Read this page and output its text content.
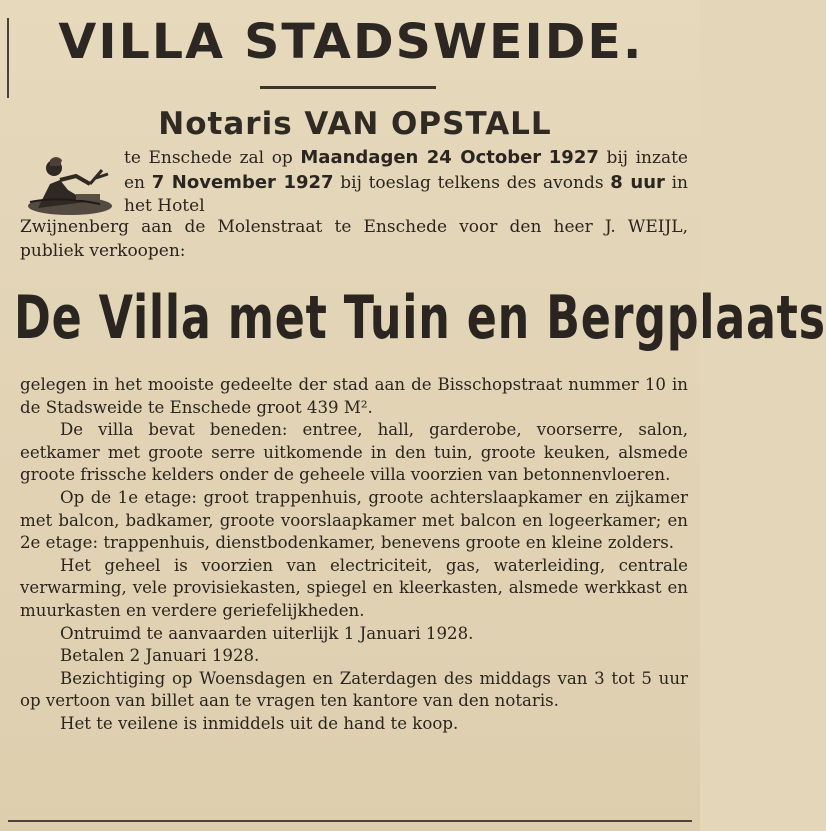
VILLA STADSWEIDE.
Notaris VAN OPSTALL
te Enschede zal op Maandagen 24 October 1927 bij inzate en 7 November 1927 bij toeslag telkens des avonds 8 uur in het Hotel
Zwijnenberg aan de Molenstraat te Enschede voor den heer J. WEIJL, publiek verkoopen:
De Villa met Tuin en Bergplaats

gelegen in het mooiste gedeelte der stad aan de Bisschopstraat nummer 10 in de Stadsweide te Enschede groot 439 M².

De villa bevat beneden: entree, hall, garderobe, voorserre, salon, eetkamer met groote serre uitkomende in den tuin, groote keuken, alsmede groote frissche kelders onder de geheele villa voorzien van betonnenvloeren.

Op de 1e etage: groot trappenhuis, groote achterslaapkamer en zijkamer met balcon, badkamer, groote voorslaapkamer met balcon en logeerkamer; en 2e etage: trappenhuis, dienstbodenkamer, benevens groote en kleine zolders.

Het geheel is voorzien van electriciteit, gas, waterleiding, centrale verwarming, vele provisiekasten, spiegel en kleerkasten, alsmede werkkast en muurkasten en verdere geriefelijkheden.

Ontruimd te aanvaarden uiterlijk 1 Januari 1928.

Betalen 2 Januari 1928.

Bezichtiging op Woensdagen en Zaterdagen des middags van 3 tot 5 uur op vertoon van billet aan te vragen ten kantore van den notaris.

Het te veilene is inmiddels uit de hand te koop.
